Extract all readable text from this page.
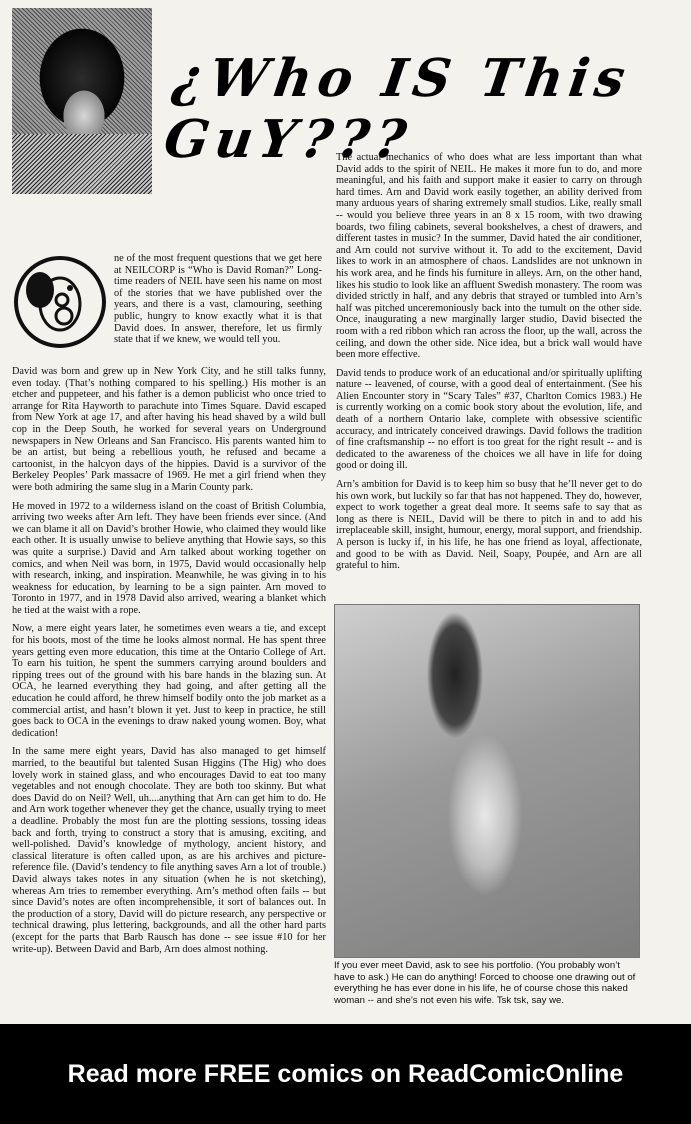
¿Who IS This GuY???

ne of the most frequent questions that we get here at NEILCORP is “Who is David Roman?” Long-time readers of NEIL have seen his name on most of the stories that we have published over the years, and there is a vast, clamouring, seething public, hungry to know exactly what it is that David does. In answer, therefore, let us firmly state that if we knew, we would tell you.

David was born and grew up in New York City, and he still talks funny, even today. (That’s nothing compared to his spelling.) His mother is an etcher and puppeteer, and his father is a demon publicist who once tried to arrange for Rita Hayworth to parachute into Times Square. David escaped from New York at age 17, and after having his head shaved by a wild bull cop in the Deep South, he worked for several years on Underground newspapers in New Orleans and San Francisco. His parents wanted him to be an artist, but being a rebellious youth, he refused and became a cartoonist, in the halcyon days of the hippies. David is a survivor of the Berkeley Peoples’ Park massacre of 1969. He met a girl friend when they were both admiring the same slug in a Marin County park.

He moved in 1972 to a wilderness island on the coast of British Columbia, arriving two weeks after Arn left. They have been friends ever since. (And we can blame it all on David’s brother Howie, who claimed they would like each other. It is usually unwise to believe anything that Howie says, so this was quite a surprise.) David and Arn talked about working together on comics, and when Neil was born, in 1975, David would occasionally help with research, inking, and inspiration. Meanwhile, he was giving in to his weakness for education, by learning to be a sign painter. Arn moved to Toronto in 1977, and in 1978 David also arrived, wearing a blanket which he tied at the waist with a rope.

Now, a mere eight years later, he sometimes even wears a tie, and except for his boots, most of the time he looks almost normal. He has spent three years getting even more education, this time at the Ontario College of Art. To earn his tuition, he spent the summers carrying around boulders and ripping trees out of the ground with his bare hands in the blazing sun. At OCA, he learned everything they had going, and after getting all the education he could afford, he threw himself bodily onto the job market as a commercial artist, and hasn’t blown it yet. Just to keep in practice, he still goes back to OCA in the evenings to draw naked young women. Boy, what dedication!

In the same mere eight years, David has also managed to get himself married, to the beautiful but talented Susan Higgins (The Hig) who does lovely work in stained glass, and who encourages David to eat too many vegetables and not enough chocolate. They are both too skinny. But what does David do on Neil? Well, uh....anything that Arn can get him to do. He and Arn work together whenever they get the chance, usually trying to meet a deadline. Probably the most fun are the plotting sessions, tossing ideas back and forth, trying to construct a story that is amusing, exciting, and well-polished. David’s knowledge of mythology, ancient history, and classical literature is often called upon, as are his archives and picture-reference file. (David’s tendency to file anything saves Arn a lot of trouble.) David always takes notes in any situation (when he is not sketching), whereas Arn tries to remember everything. Arn’s method often fails -- but since David’s notes are often incomprehensible, it sort of balances out. In the production of a story, David will do picture research, any perspective or technical drawing, plus lettering, backgrounds, and all the other hard parts (except for the parts that Barb Rausch has done -- see issue #10 for her write-up). Between David and Barb, Arn does almost nothing.

The actual mechanics of who does what are less important than what David adds to the spirit of NEIL. He makes it more fun to do, and more meaningful, and his faith and support make it easier to carry on through hard times. Arn and David work easily together, an ability derived from many arduous years of sharing extremely small studios. Like, really small -- would you believe three years in an 8 x 15 room, with two drawing boards, two filing cabinets, several bookshelves, a chest of drawers, and different tastes in music? In the summer, David hated the air conditioner, and Arn could not survive without it. To add to the excitement, David likes to work in an atmosphere of chaos. Landslides are not unknown in his work area, and he finds his furniture in alleys. Arn, on the other hand, likes his studio to look like an affluent Swedish monastery. The room was divided strictly in half, and any debris that strayed or tumbled into Arn’s half was pitched unceremoniously back into the tumult on the other side. Once, inaugurating a new marginally larger studio, David bisected the room with a red ribbon which ran across the floor, up the wall, across the ceiling, and down the other side. Nice idea, but a brick wall would have been more effective.

David tends to produce work of an educational and/or spiritually uplifting nature -- leavened, of course, with a good deal of entertainment. (See his Alien Encounter story in “Scary Tales” #37, Charlton Comics 1983.) He is currently working on a comic book story about the evolution, life, and death of a northern Ontario lake, complete with obsessive scientific accuracy, and intricately conceived drawings. David follows the tradition of fine craftsmanship -- no effort is too great for the right result -- and is dedicated to the awareness of the choices we all have in life for doing good or doing ill.

Arn’s ambition for David is to keep him so busy that he’ll never get to do his own work, but luckily so far that has not happened. They do, however, expect to work together a great deal more. It seems safe to say that as long as there is NEIL, David will be there to pitch in and to add his irreplaceable skill, insight, humour, energy, moral support, and friendship. A person is lucky if, in his life, he has one friend as loyal, affectionate, and good to be with as David. Neil, Soapy, Poupée, and Arn are all grateful to him.

If you ever meet David, ask to see his portfolio. (You probably won’t have to ask.) He can do anything! Forced to choose one drawing out of everything he has ever done in his life, he of course chose this naked woman -- and she’s not even his wife. Tsk tsk, say we.
Read more FREE comics on ReadComicOnline
